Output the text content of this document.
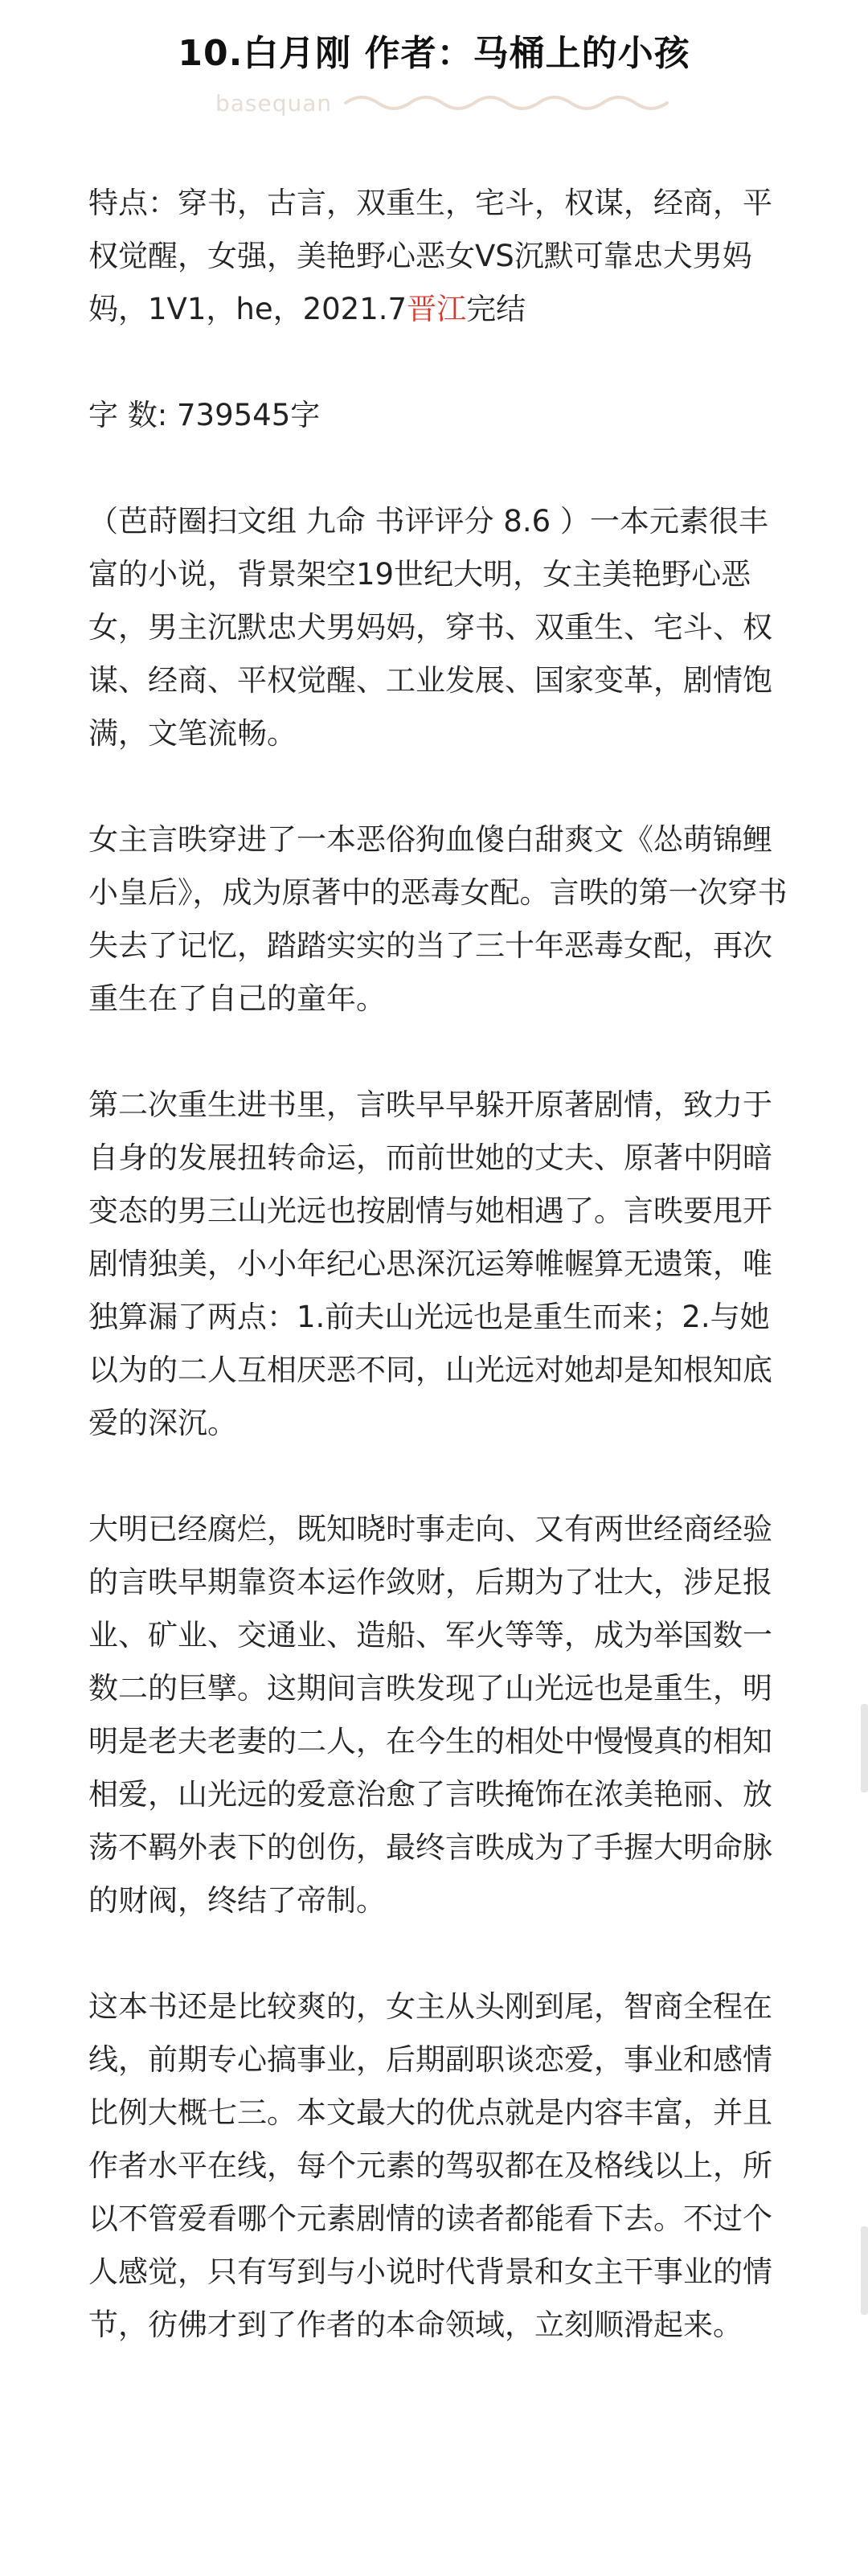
10.白月刚 作者：马桶上的小孩
basequan

特点：穿书，古言，双重生，宅斗，权谋，经商，平权觉醒，女强，美艳野心恶女VS沉默可靠忠犬男妈妈，1V1，he，2021.7晋江完结

字 数: 739545字

（芭莳圈扫文组 九命 书评评分 8.6 ）一本元素很丰富的小说，背景架空19世纪大明，女主美艳野心恶女，男主沉默忠犬男妈妈，穿书、双重生、宅斗、权谋、经商、平权觉醒、工业发展、国家变革，剧情饱满，文笔流畅。

女主言昳穿进了一本恶俗狗血傻白甜爽文《怂萌锦鲤小皇后》，成为原著中的恶毒女配。言昳的第一次穿书失去了记忆，踏踏实实的当了三十年恶毒女配，再次重生在了自己的童年。

第二次重生进书里，言昳早早躲开原著剧情，致力于自身的发展扭转命运，而前世她的丈夫、原著中阴暗变态的男三山光远也按剧情与她相遇了。言昳要甩开剧情独美，小小年纪心思深沉运筹帷幄算无遗策，唯独算漏了两点：1.前夫山光远也是重生而来；2.与她以为的二人互相厌恶不同，山光远对她却是知根知底爱的深沉。

大明已经腐烂，既知晓时事走向、又有两世经商经验的言昳早期靠资本运作敛财，后期为了壮大，涉足报业、矿业、交通业、造船、军火等等，成为举国数一数二的巨擘。这期间言昳发现了山光远也是重生，明明是老夫老妻的二人，在今生的相处中慢慢真的相知相爱，山光远的爱意治愈了言昳掩饰在浓美艳丽、放荡不羁外表下的创伤，最终言昳成为了手握大明命脉的财阀，终结了帝制。

这本书还是比较爽的，女主从头刚到尾，智商全程在线，前期专心搞事业，后期副职谈恋爱，事业和感情比例大概七三。本文最大的优点就是内容丰富，并且作者水平在线，每个元素的驾驭都在及格线以上，所以不管爱看哪个元素剧情的读者都能看下去。不过个人感觉，只有写到与小说时代背景和女主干事业的情节，彷佛才到了作者的本命领域，立刻顺滑起来。
